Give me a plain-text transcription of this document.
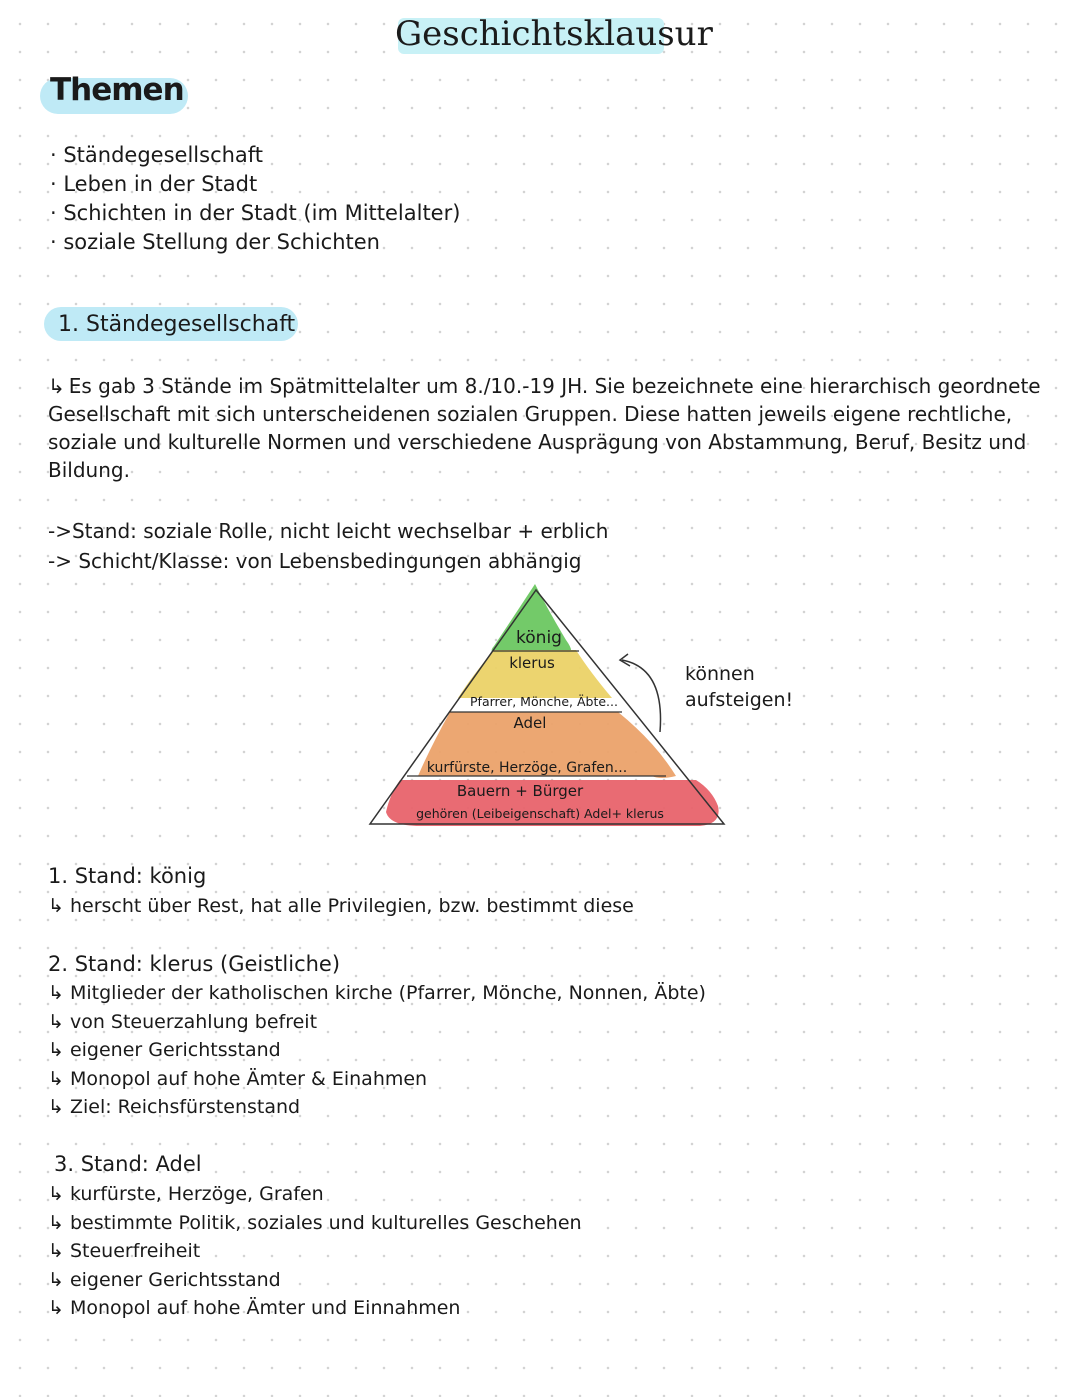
Geschichtsklausur
Themen
· Ständegesellschaft
· Leben in der Stadt
· Schichten in der Stadt (im Mittelalter)
· soziale Stellung der Schichten
1. Ständegesellschaft
↳ Es gab 3 Stände im Spätmittelalter um 8./10.-19 JH. Sie bezeichnete eine hierarchisch geordnete Gesellschaft mit sich unterscheidenen sozialen Gruppen. Diese hatten jeweils eigene rechtliche, soziale und kulturelle Normen und verschiedene Ausprägung von Abstammung, Beruf, Besitz und Bildung.
->Stand: soziale Rolle, nicht leicht wechselbar + erblich
-> Schicht/Klasse: von Lebensbedingungen abhängig
könig
klerus
Pfarrer, Mönche, Äbte...
Adel
kurfürste, Herzöge, Grafen...
Bauern + Bürger
gehören (Leibeigenschaft) Adel+ klerus
können
aufsteigen!
1. Stand: könig
↳ herscht über Rest, hat alle Privilegien, bzw. bestimmt diese
2. Stand: klerus (Geistliche)
↳ Mitglieder der katholischen kirche (Pfarrer, Mönche, Nonnen, Äbte)
↳ von Steuerzahlung befreit
↳ eigener Gerichtsstand
↳ Monopol auf hohe Ämter & Einahmen
↳ Ziel: Reichsfürstenstand
3. Stand: Adel
↳ kurfürste, Herzöge, Grafen
↳ bestimmte Politik, soziales und kulturelles Geschehen
↳ Steuerfreiheit
↳ eigener Gerichtsstand
↳ Monopol auf hohe Ämter und Einnahmen
